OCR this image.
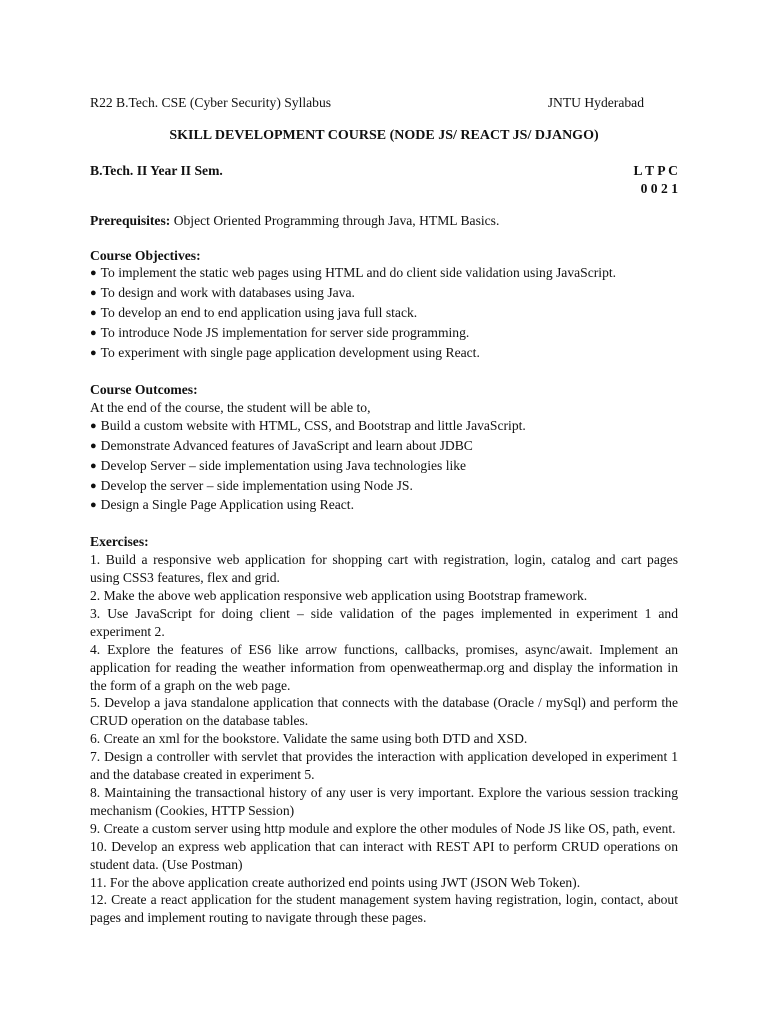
R22 B.Tech. CSE (Cyber Security) Syllabus	JNTU Hyderabad
SKILL DEVELOPMENT COURSE (NODE JS/ REACT JS/ DJANGO)
B.Tech. II Year II Sem.	L T P C
0 0 2 1
Prerequisites: Object Oriented Programming through Java, HTML Basics.
Course Objectives:
● To implement the static web pages using HTML and do client side validation using JavaScript.
● To design and work with databases using Java.
● To develop an end to end application using java full stack.
● To introduce Node JS implementation for server side programming.
● To experiment with single page application development using React.
Course Outcomes:
At the end of the course, the student will be able to,
● Build a custom website with HTML, CSS, and Bootstrap and little JavaScript.
● Demonstrate Advanced features of JavaScript and learn about JDBC
● Develop Server – side implementation using Java technologies like
● Develop the server – side implementation using Node JS.
● Design a Single Page Application using React.
Exercises:
1. Build a responsive web application for shopping cart with registration, login, catalog and cart pages using CSS3 features, flex and grid.
2. Make the above web application responsive web application using Bootstrap framework.
3. Use JavaScript for doing client – side validation of the pages implemented in experiment 1 and experiment 2.
4. Explore the features of ES6 like arrow functions, callbacks, promises, async/await. Implement an application for reading the weather information from openweathermap.org and display the information in the form of a graph on the web page.
5. Develop a java standalone application that connects with the database (Oracle / mySql) and perform the CRUD operation on the database tables.
6. Create an xml for the bookstore. Validate the same using both DTD and XSD.
7. Design a controller with servlet that provides the interaction with application developed in experiment 1 and the database created in experiment 5.
8. Maintaining the transactional history of any user is very important. Explore the various session tracking mechanism (Cookies, HTTP Session)
9. Create a custom server using http module and explore the other modules of Node JS like OS, path, event.
10. Develop an express web application that can interact with REST API to perform CRUD operations on student data. (Use Postman)
11. For the above application create authorized end points using JWT (JSON Web Token).
12. Create a react application for the student management system having registration, login, contact, about pages and implement routing to navigate through these pages.
